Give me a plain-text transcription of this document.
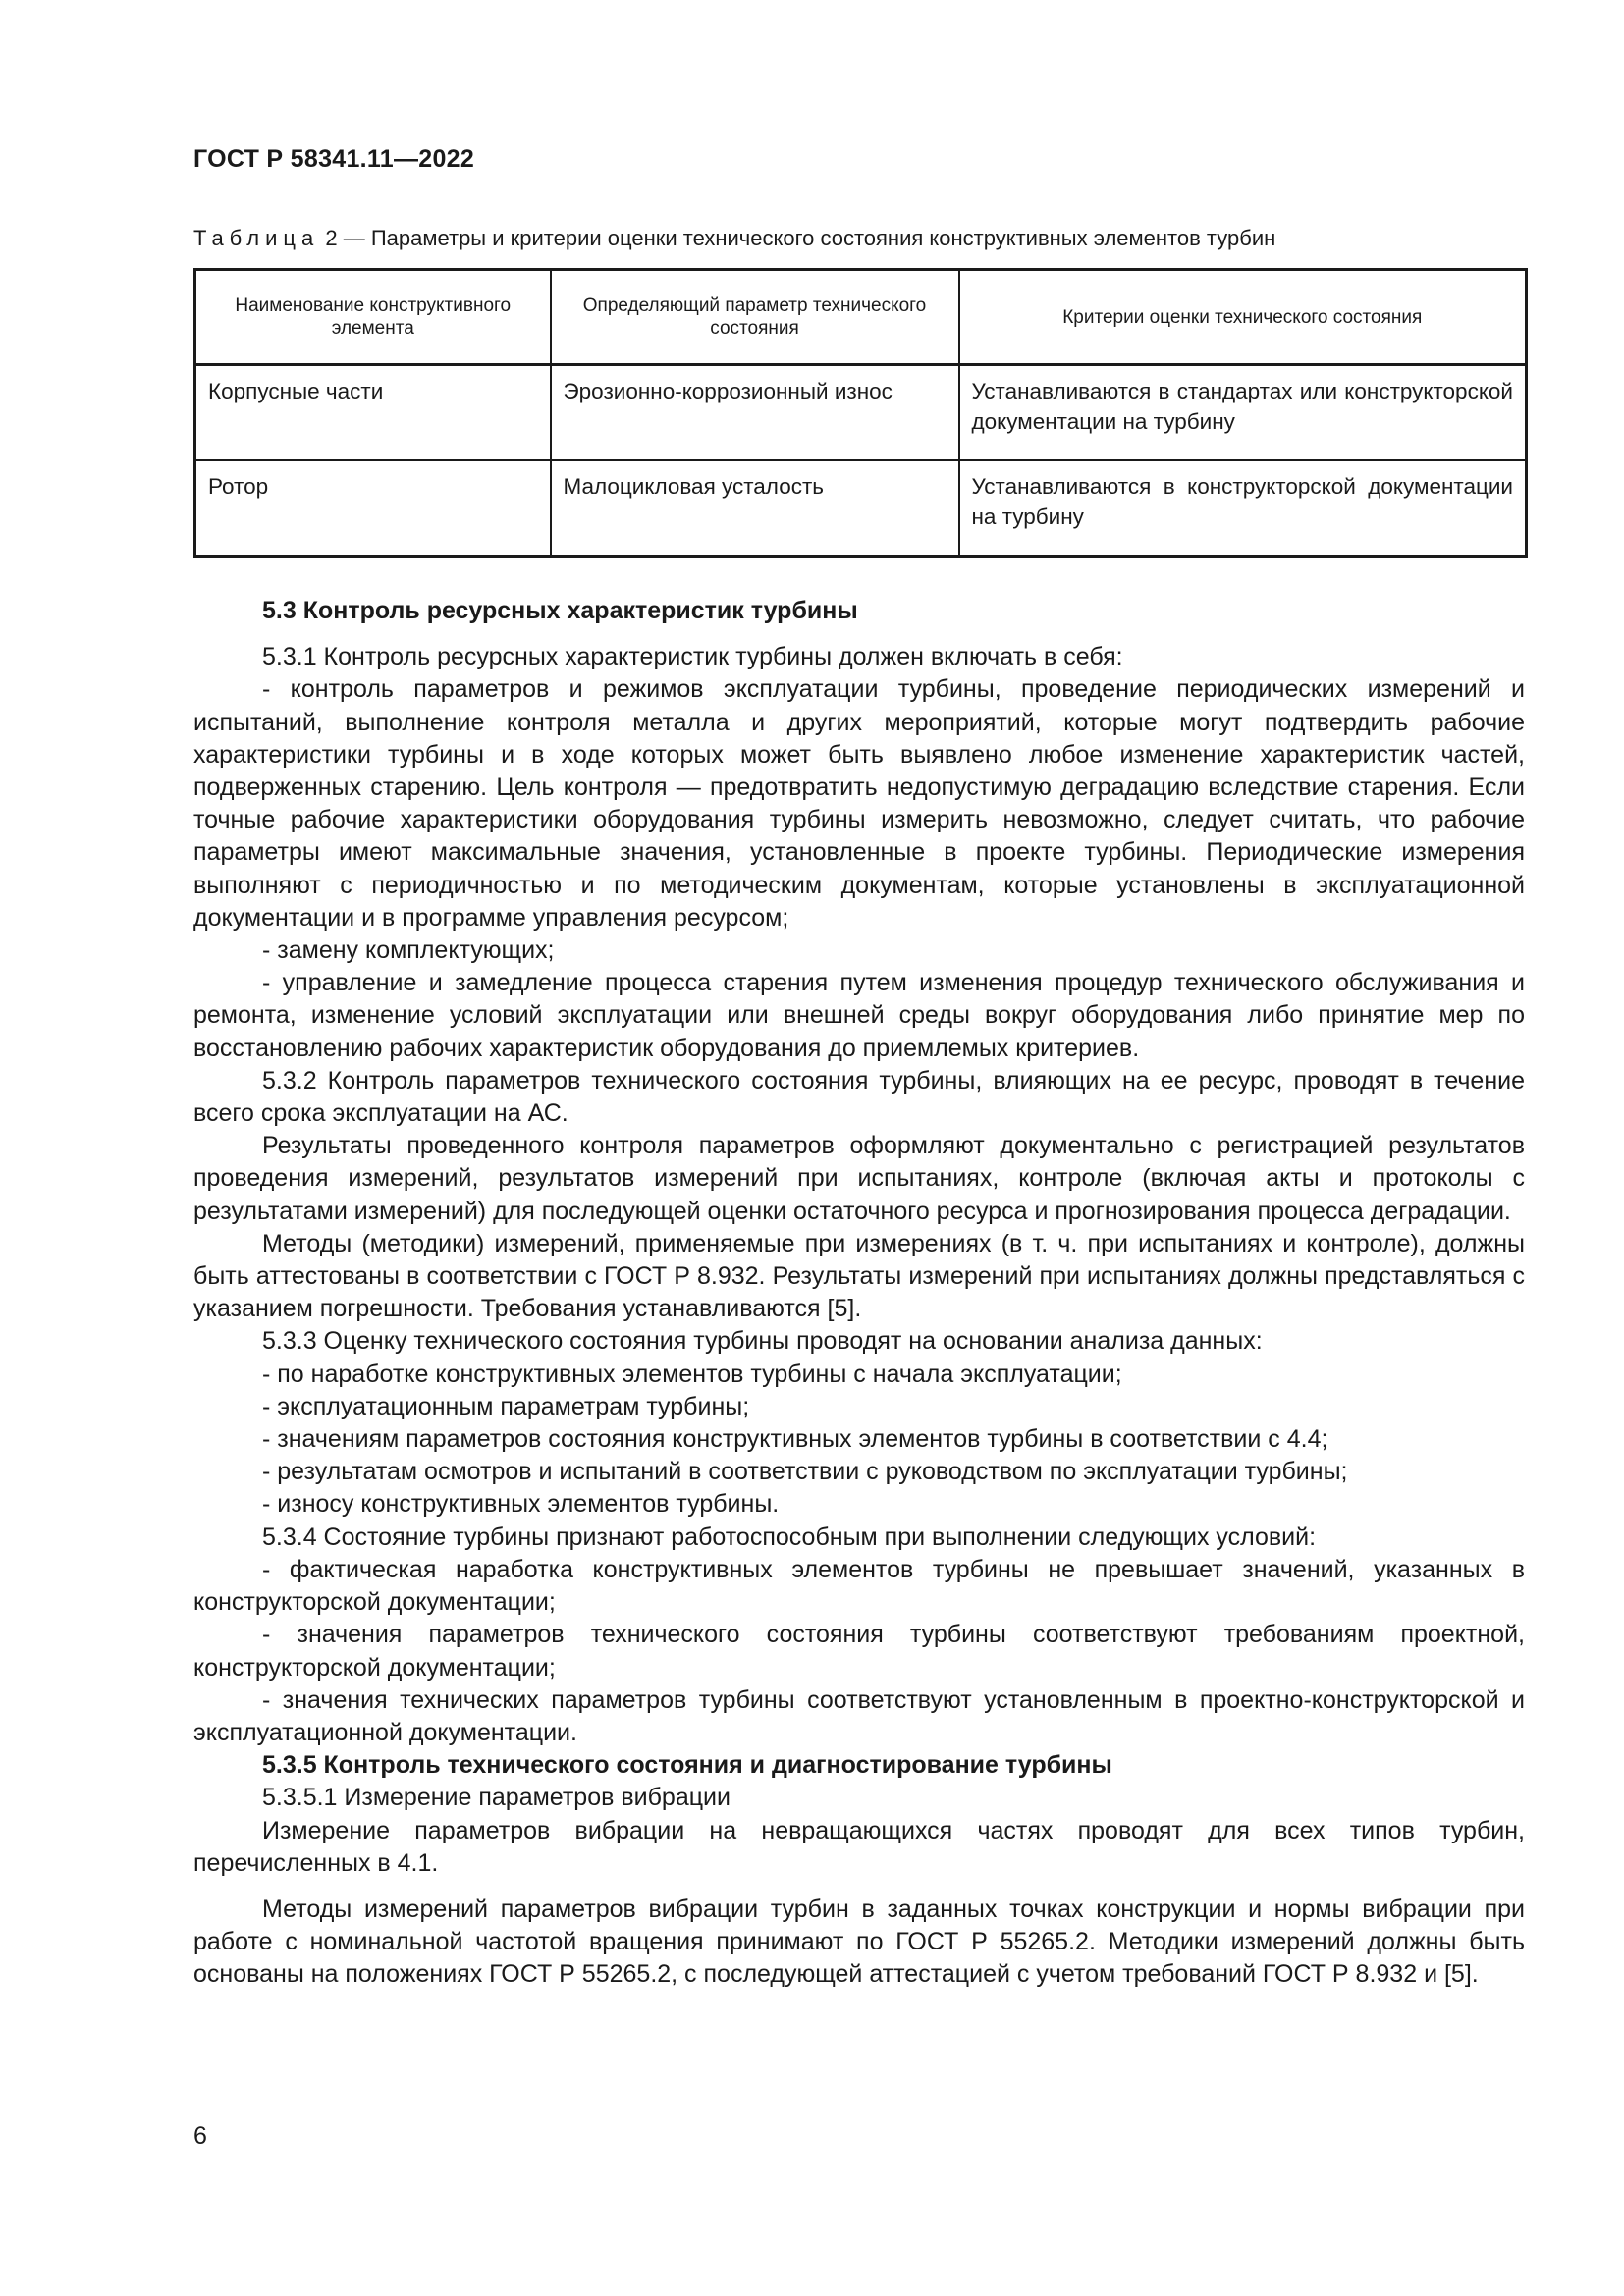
ГОСТ Р 58341.11—2022
Таблица 2 — Параметры и критерии оценки технического состояния конструктивных элементов турбин
Наименование конструктивного элемента	Определяющий параметр технического состояния	Критерии оценки технического состояния
Корпусные части	Эрозионно-коррозионный износ	Устанавливаются в стандартах или конструкторской документации на турбину
Ротор	Малоцикловая усталость	Устанавливаются в конструкторской документации на турбину

5.3 Контроль ресурсных характеристик турбины

5.3.1 Контроль ресурсных характеристик турбины должен включать в себя:

- контроль параметров и режимов эксплуатации турбины, проведение периодических измерений и испытаний, выполнение контроля металла и других мероприятий, которые могут подтвердить рабочие характеристики турбины и в ходе которых может быть выявлено любое изменение характеристик частей, подверженных старению. Цель контроля — предотвратить недопустимую деградацию вследствие старения. Если точные рабочие характеристики оборудования турбины измерить невозможно, следует считать, что рабочие параметры имеют максимальные значения, установленные в проекте турбины. Периодические измерения выполняют с периодичностью и по методическим документам, которые установлены в эксплуатационной документации и в программе управления ресурсом;

- замену комплектующих;

- управление и замедление процесса старения путем изменения процедур технического обслуживания и ремонта, изменение условий эксплуатации или внешней среды вокруг оборудования либо принятие мер по восстановлению рабочих характеристик оборудования до приемлемых критериев.

5.3.2 Контроль параметров технического состояния турбины, влияющих на ее ресурс, проводят в течение всего срока эксплуатации на АС.

Результаты проведенного контроля параметров оформляют документально с регистрацией результатов проведения измерений, результатов измерений при испытаниях, контроле (включая акты и протоколы с результатами измерений) для последующей оценки остаточного ресурса и прогнозирования процесса деградации.

Методы (методики) измерений, применяемые при измерениях (в т. ч. при испытаниях и контроле), должны быть аттестованы в соответствии с ГОСТ Р 8.932. Результаты измерений при испытаниях должны представляться с указанием погрешности. Требования устанавливаются [5].

5.3.3 Оценку технического состояния турбины проводят на основании анализа данных:

- по наработке конструктивных элементов турбины с начала эксплуатации;

- эксплуатационным параметрам турбины;

- значениям параметров состояния конструктивных элементов турбины в соответствии с 4.4;

- результатам осмотров и испытаний в соответствии с руководством по эксплуатации турбины;

- износу конструктивных элементов турбины.

5.3.4 Состояние турбины признают работоспособным при выполнении следующих условий:

- фактическая наработка конструктивных элементов турбины не превышает значений, указанных в конструкторской документации;

- значения параметров технического состояния турбины соответствуют требованиям проектной, конструкторской документации;

- значения технических параметров турбины соответствуют установленным в проектно-конструкторской и эксплуатационной документации.

5.3.5 Контроль технического состояния и диагностирование турбины

5.3.5.1 Измерение параметров вибрации

Измерение параметров вибрации на невращающихся частях проводят для всех типов турбин, перечисленных в 4.1.

Методы измерений параметров вибрации турбин в заданных точках конструкции и нормы вибрации при работе с номинальной частотой вращения принимают по ГОСТ Р 55265.2. Методики измерений должны быть основаны на положениях ГОСТ Р 55265.2, с последующей аттестацией с учетом требований ГОСТ Р 8.932 и [5].

6
